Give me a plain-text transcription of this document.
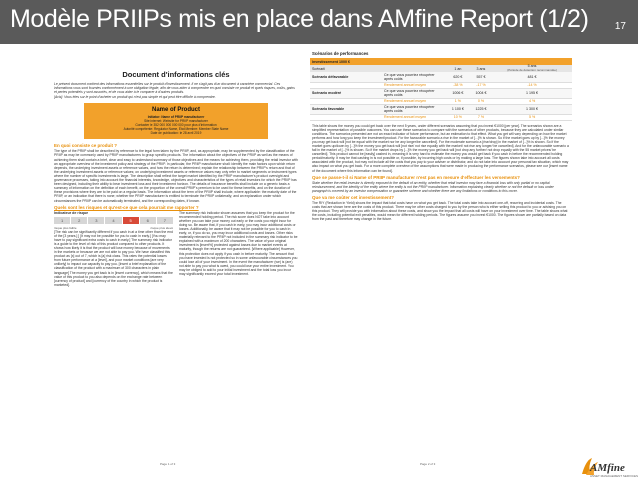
Modèle PRIIPs mis en place dans AMfine Report (1/2)	17
Document d'informations clés

Le présent document contient des informations essentielles sur le produit d'investissement. Il ne s'agit pas d'un document à caractère commercial. Ces informations vous sont fournies conformément à une obligation légale, afin de vous aider à comprendre en quoi consiste ce produit et quels risques, coûts, gains et pertes potentiels y sont associés, et de vous aider à le comparer à d'autres produits.

[Avis]: Vous êtes sur le point d'acheter un produit qui n'est pas simple et qui peut être difficile à comprendre.

Name of Product
Initiator: Name of PRIIP manufacturer
Site internet: Website for PRIIP manufacturer
Contacter le 352 000 000 000 000 pour plus d'information
Autorité compétente: Regulator Name, État Membre: Member State Name
Date de publication: le 28 avril 2019
En quoi consiste ce produit ?

The type of the PRIIP shall be described by reference to the legal form taken by the PRIIP, and, as appropriate, may be supplemented by the classification of the PRIIP as may be commonly used by PRIIP manufacturers to group specific products. The information about the objectives of the PRIIP as well as the means of achieving them shall contain a brief, clear and easy to understand summary of those objectives and the means for achieving them, providing the retail investor with an appropriate overview of the investment policy and strategy of the PRIIP. In particular, the PRIIP manufacturer shall: identify the main factors upon which return depends, the underlying investment assets or reference values, and how the return is determined; explain the relationship between the PRIIP's return and that of the underlying investment assets or reference values; on underlying investment assets or reference values may only refer to market segments or instrument types where the number of specific investments is large. The description shall reflect the target market identified by the PRIIP manufacturer's product oversight and governance processes, taking into account the financial interests, knowledge, objectives and characteristics of the types of retail investors for which the PRIIP has been designed, including their ability to bear investment loss and their investment horizon. The details of insurance benefits shall include on a generic basis a summary of information on the definition of each benefit, on the proportion of the overall PRIIP's premium to be used for these benefits, and on the duration of these provisions where they are to be paid on a regular basis. The information about the term of the PRIIP shall include, where applicable: the maturity date of the PRIIP, or an indication that there is none; whether the PRIIP manufacturer is entitled to terminate the PRIIP unilaterally; and an explanation under which circumstances the PRIIP can be automatically terminated, and the corresponding dates, if known.

Quels sont les risques et qu'est-ce que cela pourrait me rapporter ?
Indicateur de risque
1	2	3	4	5	6	7
risque plus faible	risque plus élevé

[The risk can be significantly different if you cash in at a time other than the end of the [3 years.] ] [It may not be possible for you to cash in early.] [You may have to pay significant extra costs to cash in early.] The summary risk indicator is a guide to the level of risk of this product compared to other products. It shows how likely it is that the product will lose money because of movements in the markets or because we are not able to pay you. We have classified this product as [x] out of 7, which is [a] risk class. This rates the potential losses from future performance at a [level], and poor market conditions [are very unlikely] to impact our capacity to pay you. [Insert a brief explanation of the classification of the product with a maximum of 300 characters in plain language] The money you get back is in [insert currency], which means that the value of this product to you also depends on the exchange rate between [currency of product] and [currency of the country in which the product is marketed].

The summary risk indicator shown assumes that you keep the product for the recommended holding period. The risk score does NOT take into account whether you can take your money out early or the costs you might incur for doing so. Be aware that, if you cash in early, you may incur additional costs or losses. Additionally, be aware that it may not be possible for you to cash in early, or, if you do so, you may incur additional costs and losses. Other risks materially relevant to the PRIIP not included in the summary risk indicator to be explained with a maximum of 200 characters. The value of your original investment is [insert%] protected against losses due to market events at maturity, though the returns are not guaranteed. [Where applicable] However, this protection does not apply if you cash in before maturity. The amount that you have invested is not protected so in some unfavourable circumstances you could lose all of your investment. In the event the manufacturer (we) is (are) not able to pay you what is owed, you could lose your entire investment. You may be obliged to add to your initial investment and the total loss you incur may significantly exceed your total investment.

Page 1 of 3
Scénarios de performances
Investissement 1000 €				
Scénarii		1 an	3 ans	5 ans
(Période de détention recommandée)
Scénario défavorable	Ce que vous pourriez récupérer après coûts	620 €	557 €	481 €
	Rendement annuel moyen	-38 %	-17 %	-14 %
Scénario modéré	Ce que vous pourriez récupérer après coûts	1006 €	1004 €	1 195 €
	Rendement annuel moyen	1 %	0 %	4 %
Scénario favorable	Ce que vous pourriez récupérer après coûts	1 100 €	1225 €	1 300 €
	Rendement annuel moyen	10 %	7 %	5 %

This table shows the money you could get back over the next 5 years, under different scenarios assuming that you invest €1000 [per year]. The scenarios shown are a simplified representation of possible outcomes. You can use these scenarios to compare with the scenarios of other products, because they are calculated under similar conditions. The scenarios presented are not an exact indicator of future performance, but an estimation to that effect. What you get will vary depending on how the market performs and how long you keep the investment/product. For the favourable scenario a rise in the market of [...]% is shown. So if the market goes up by [...]% the money you may get back will [not be equal with the market nor be any longer/be cancelled]. For the moderate scenario a [rise/drop] in the market of [...]% is shown. So if the market goes up/down by [...]% the money you get back will [not rise/ not rise equally with the market/ not rise any longer/ be cancelled]. And for the unfavourable scenario a fall in the market of [...]% is shown. So if the market drops by [...]% the money you get back will [not drop any further/ not drop equally with the 55 market prices/ be cancelled]. This product cannot be [easily] cashed in, meaning it is very hard to estimate the money you would get back if you cash in before the recommended holding period/maturity. It may be that cashing in is not possible or, if possible, by incurring high costs or by making a large loss. The figures shown take into account all costs associated with the product, but may not include all the costs that you pay to your adviser or distributor, and do not take into account your personal tax situation, which may also impact on what you get back. For a more complete overview of the assumptions that were made in producing the performance scenarios, please see our [insert name of the document where this information can be found].

Que se passe-t-il si Name of PRIIP manufacturer n'est pas en mesure d'effectuer les versements?

State whether the retail investor is directly exposed to the default of an entity, whether that retail investor may face a financial loss with only partial or no capital reimbursement, and the identity of the entity where the entity is not the PRIIP manufacturer. Information explaining clearly whether or not the default or loss under paragraph is covered by an investor compensation or guarantee scheme and whether there are any limitations or conditions to this cover.

Que va me coûter cet investissement?

The RIY (Reduction in Yield) shows the impact that total costs have on what you get back. The total costs take into account one-off, recurring and incidental costs. The costs that are shown here are the costs of this product. There may be other costs charged to you by the person who is either selling this product to you or advising you on this product. They will provide you with information about these costs, and show you the impact that all costs will have on your investment over time. The table shows what the costs, including potential exit penalties, would mean for different holding periods. The figures assume you invest €1000. The figures shown are partially based on data from the past and therefore may change in the future.

Page 2 of 3	AMfine
ASSET MANAGEMENT SERVICES
